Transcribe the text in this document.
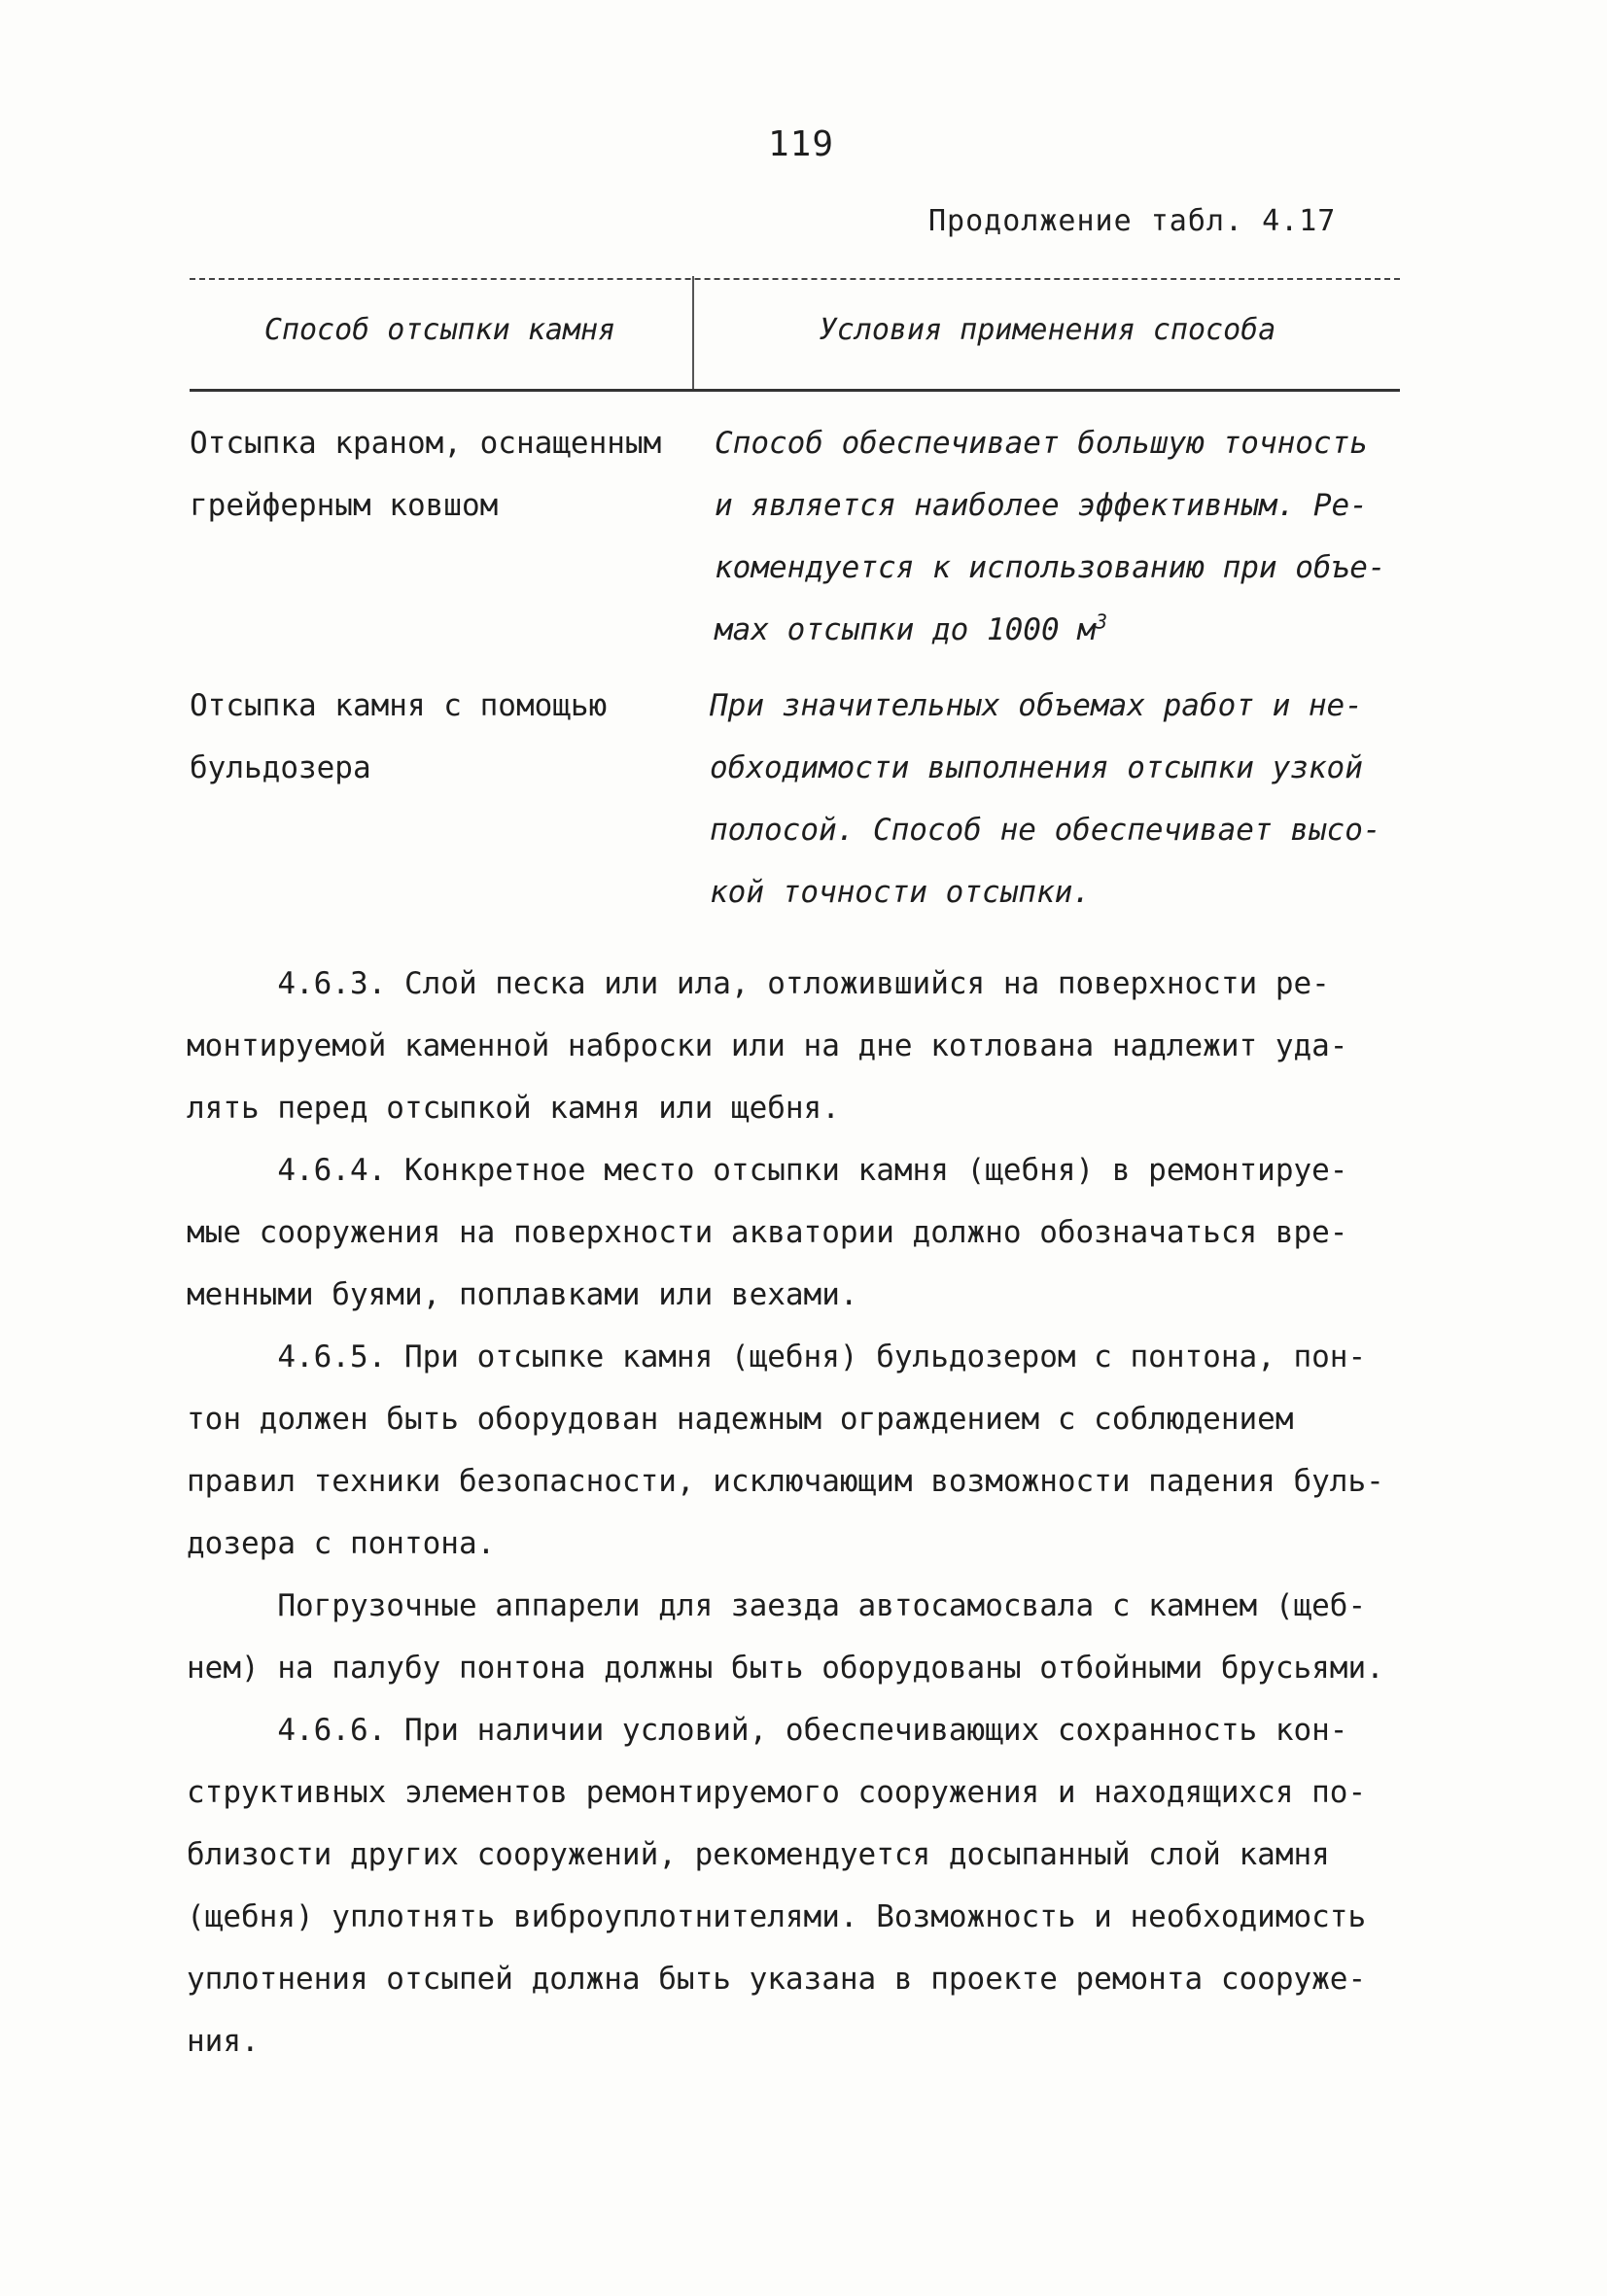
119
Продолжение табл. 4.17
Способ отсыпки камня	Условия применения способа
Отсыпка краном, оснащенным
грейферным ковшом
Способ обеспечивает большую точность
и является наиболее эффективным. Ре-
комендуется к использованию при объе-
мах отсыпки до 1000 $м^3$
Отсыпка камня с помощью
бульдозера
При значительных объемах работ и не-
обходимости выполнения отсыпки узкой
полосой. Способ не обеспечивает высо-
кой точности отсыпки.
4.6.3. Слой песка или ила, отложившийся на поверхности ре-
монтируемой каменной наброски или на дне котлована надлежит уда-
лять перед отсыпкой камня или щебня.
4.6.4. Конкретное место отсыпки камня (щебня) в ремонтируе-
мые сооружения на поверхности акватории должно обозначаться вре-
менными буями, поплавками или вехами.
4.6.5. При отсыпке камня (щебня) бульдозером с понтона, пон-
тон должен быть оборудован надежным ограждением с соблюдением
правил техники безопасности, исключающим возможности падения буль-
дозера с понтона.
Погрузочные аппарели для заезда автосамосвала с камнем (щеб-
нем) на палубу понтона должны быть оборудованы отбойными брусьями.
4.6.6. При наличии условий, обеспечивающих сохранность кон-
структивных элементов ремонтируемого сооружения и находящихся по-
близости других сооружений, рекомендуется досыпанный слой камня
(щебня) уплотнять виброуплотнителями. Возможность и необходимость
уплотнения отсыпей должна быть указана в проекте ремонта сооруже-
ния.
